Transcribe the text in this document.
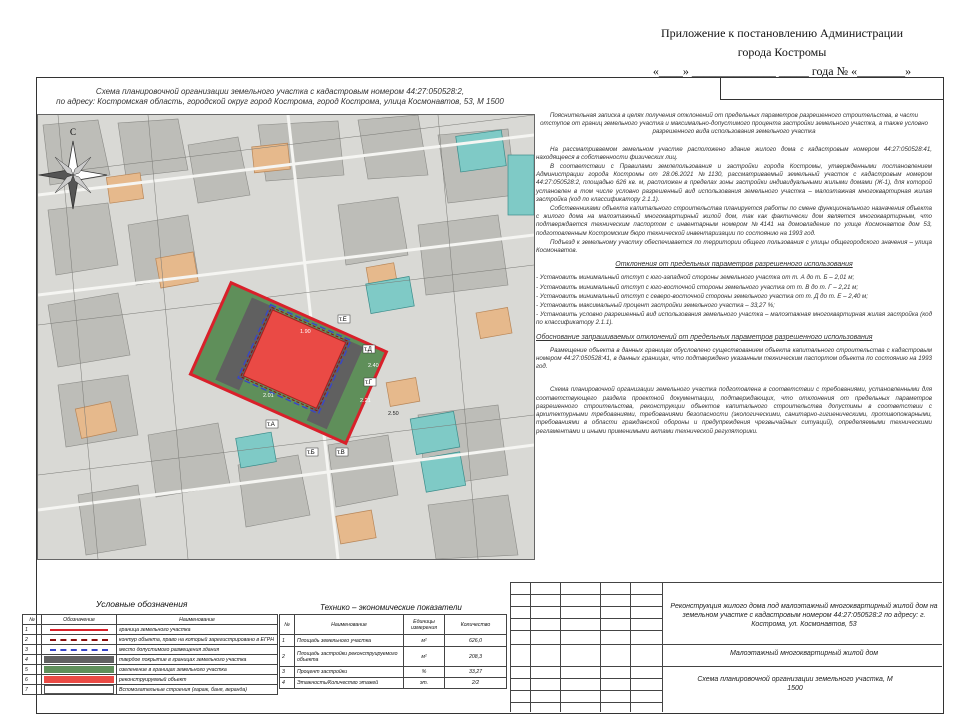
Приложение к постановлению Администрации
города Костромы
«____» ______________ _____ года № «________»
Схема планировочной организации земельного участка с кадастровым номером 44:27:050528:2,
по адресу: Костромская область, городской округ город Кострома, город Кострома, улица Космонавтов, 53, М 1500
С
т.А
т.Б	т.В
т.Г
т.Д
т.Е
2.01
1.90
2.21
2.40
2.50

Пояснительная записка в целях получения отклонений от предельных параметров разрешенного строительства, в части отступов от границ земельного участка и максимально-допустимого процента застройки земельного участка, а также условно разрешенного вида использования земельного участка

На рассматриваемом земельном участке расположено здание жилого дома с кадастровым номером 44:27:050528:41, находящееся в собственности физических лиц.

В соответствии с Правилами землепользования и застройки города Костромы, утвержденными постановлением Администрации города Костромы от 28.06.2021 №1130, рассматриваемый земельный участок с кадастровым номером 44:27:050528:2, площадью 626 кв. м, расположен в пределах зоны застройки индивидуальными жилыми домами (Ж-1), для которой установлен в том числе условно разрешенный вид использования земельного участка – малоэтажная многоквартирная жилая застройка (код по классификатору 2.1.1).

Собственниками объекта капитального строительства планируется работы по смене функционального назначения объекта с жилого дома на малоэтажный многоквартирный жилой дом, так как фактически дом является многоквартирным, что подтверждается техническим паспортом с инвентарным номером №4141 на домовладение по улице Космонавтов дом 53, подготовленным Костромским бюро технической инвентаризации по состоянию на 1993 год.

Подъезд к земельному участку обеспечивается по территории общего пользования с улицы общегородского значения – улица Космонавтов.

Отклонения от предельных параметров разрешенного использования

- Установить минимальный отступ с юго-западной стороны земельного участка от т. А до т. Б – 2,01 м;

- Установить минимальный отступ с юго-восточной стороны земельного участка от т. В до т. Г – 2,21 м;

- Установить минимальный отступ с северо-восточной стороны земельного участка от т. Д до т. Е – 2,40 м;

- Установить максимальный процент застройки земельного участка – 33,27 %;

- Установить условно разрешенный вид использования земельного участка – малоэтажная многоквартирная жилая застройка (код по классификатору 2.1.1).

Обоснование запрашиваемых отклонений от предельных параметров разрешенного использования

Размещение объекта в данных границах обусловлено существованием объекта капитального строительства с кадастровым номером 44:27:050528:41, в данных границах, что подтверждено указанным техническим паспортом объекта по состоянию на 1993 год.

Схема планировочной организации земельного участка подготовлена в соответствии с требованиями, установленными для соответствующего раздела проектной документации, подтверждающих, что отклонения от предельных параметров разрешенного строительства, реконструкции объектов капитального строительства допустимы в соответствии с архитектурными требованиями, требованиями безопасности (экологическими, санитарно-гигиеническими, противопожарными, требованиями в области гражданской обороны и предупреждения чрезвычайных ситуаций), определяемыми техническими регламентами и иными применимыми актами технической регуляторики.

Условные обозначения
№	Обозначение	Наименование
1		граница земельного участка
2		контур объекта, право на который зарегистрировано в ЕГРН
3		место допустимого размещения здания
4		твердое покрытие в границах земельного участка
5		озеленение в границах земельного участка
6		реконструируемый объект
7		Вспомогательные строения (гараж, баня, веранда)
Технико – экономические показатели
№	Наименование	Единицы измерения	Количество
1	Площадь земельного участка	м²	626,0
2	Площадь застройки реконструируемого объекта	м²	208,3
3	Процент застройки	%	33,27
4	Этажность/Количество этажей	эт.	2/2
Реконструкция жилого дома под малоэтажный многоквартирный жилой дом на земельном участке с кадастровым номером 44:27:050528:2 по адресу: г. Кострома, ул. Космонавтов, 53
Малоэтажный многоквартирный жилой дом
Схема планировочной организации земельного участка, М 1500
